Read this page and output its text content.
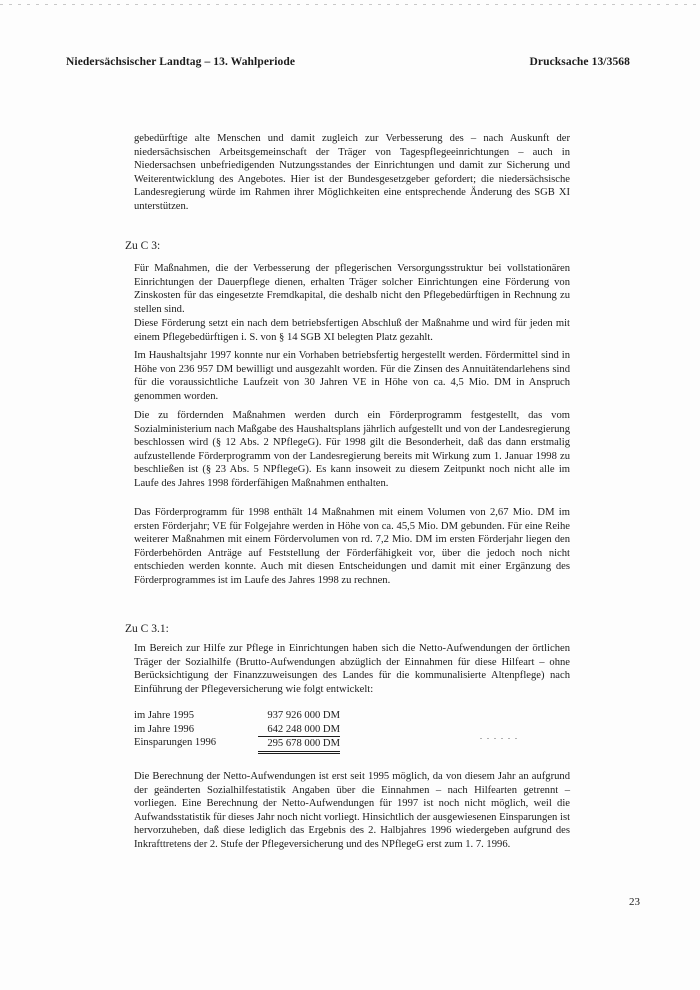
Niedersächsischer Landtag – 13. Wahlperiode	Drucksache 13/3568

gebedürftige alte Menschen und damit zugleich zur Verbesserung des – nach Auskunft der niedersächsischen Arbeitsgemeinschaft der Träger von Tagespflegeeinrichtungen – auch in Niedersachsen unbefriedigenden Nutzungsstandes der Einrichtungen und damit zur Sicherung und Weiterentwicklung des Angebotes. Hier ist der Bundesgesetzgeber gefordert; die niedersächsische Landesregierung würde im Rahmen ihrer Möglichkeiten eine entsprechende Änderung des SGB XI unterstützen.

Zu C 3:

Für Maßnahmen, die der Verbesserung der pflegerischen Versorgungsstruktur bei vollstationären Einrichtungen der Dauerpflege dienen, erhalten Träger solcher Einrichtungen eine Förderung von Zinskosten für das eingesetzte Fremdkapital, die deshalb nicht den Pflegebedürftigen in Rechnung zu stellen sind.

Diese Förderung setzt ein nach dem betriebsfertigen Abschluß der Maßnahme und wird für jeden mit einem Pflegebedürftigen i. S. von § 14 SGB XI belegten Platz gezahlt.

Im Haushaltsjahr 1997 konnte nur ein Vorhaben betriebsfertig hergestellt werden. Fördermittel sind in Höhe von 236 957 DM bewilligt und ausgezahlt worden. Für die Zinsen des Annuitätendarlehens sind für die voraussichtliche Laufzeit von 30 Jahren VE in Höhe von ca. 4,5 Mio. DM in Anspruch genommen worden.

Die zu fördernden Maßnahmen werden durch ein Förderprogramm festgestellt, das vom Sozialministerium nach Maßgabe des Haushaltsplans jährlich aufgestellt und von der Landesregierung beschlossen wird (§ 12 Abs. 2 NPflegeG). Für 1998 gilt die Besonderheit, daß das dann erstmalig aufzustellende Förderprogramm von der Landesregierung bereits mit Wirkung zum 1. Januar 1998 zu beschließen ist (§ 23 Abs. 5 NPflegeG). Es kann insoweit zu diesem Zeitpunkt noch nicht alle im Laufe des Jahres 1998 förderfähigen Maßnahmen enthalten.

Das Förderprogramm für 1998 enthält 14 Maßnahmen mit einem Volumen von 2,67 Mio. DM im ersten Förderjahr; VE für Folgejahre werden in Höhe von ca. 45,5 Mio. DM gebunden. Für eine Reihe weiterer Maßnahmen mit einem Fördervolumen von rd. 7,2 Mio. DM im ersten Förderjahr liegen den Förderbehörden Anträge auf Feststellung der Förderfähigkeit vor, über die jedoch noch nicht entschieden werden konnte. Auch mit diesen Entscheidungen und damit mit einer Ergänzung des Förderprogrammes ist im Laufe des Jahres 1998 zu rechnen.

Zu C 3.1:

Im Bereich zur Hilfe zur Pflege in Einrichtungen haben sich die Netto-Aufwendungen der örtlichen Träger der Sozialhilfe (Brutto-Aufwendungen abzüglich der Einnahmen für diese Hilfeart – ohne Berücksichtigung der Finanzzuweisungen des Landes für die kommunalisierte Altenpflege) nach Einführung der Pflegeversicherung wie folgt entwickelt:

im Jahre 1995	937 926 000 DM
im Jahre 1996	642 248 000 DM
Einsparungen 1996	295 678 000 DM

Die Berechnung der Netto-Aufwendungen ist erst seit 1995 möglich, da von diesem Jahr an aufgrund der geänderten Sozialhilfestatistik Angaben über die Einnahmen – nach Hilfearten getrennt – vorliegen. Eine Berechnung der Netto-Aufwendungen für 1997 ist noch nicht möglich, weil die Aufwandsstatistik für dieses Jahr noch nicht vorliegt. Hinsichtlich der ausgewiesenen Einsparungen ist hervorzuheben, daß diese lediglich das Ergebnis des 2. Halbjahres 1996 wiedergeben aufgrund des Inkrafttretens der 2. Stufe der Pflegeversicherung und des NPflegeG erst zum 1. 7. 1996.

23
